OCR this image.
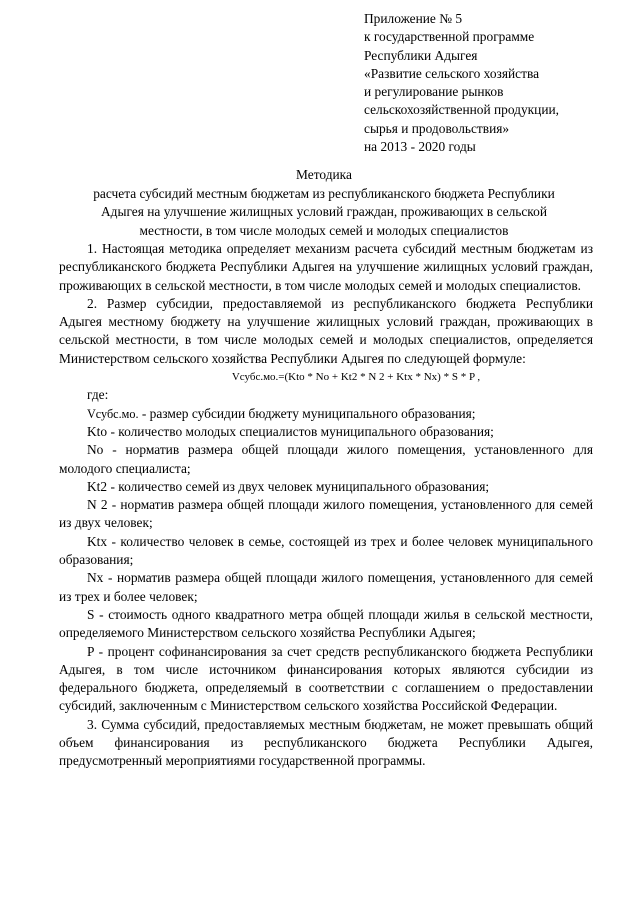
Приложение № 5
к государственной программе
Республики Адыгея
«Развитие сельского хозяйства
и регулирование рынков
сельскохозяйственной продукции,
сырья и продовольствия»
на 2013 - 2020 годы
Методика
расчета субсидий местным бюджетам из республиканского бюджета Республики
Адыгея на улучшение жилищных условий граждан, проживающих в сельской
местности, в том числе молодых семей и молодых специалистов

1. Настоящая методика определяет механизм расчета субсидий местным бюджетам из республиканского бюджета Республики Адыгея на улучшение жилищных условий граждан, проживающих в сельской местности, в том числе молодых семей и молодых специалистов.

2. Размер субсидии, предоставляемой из республиканского бюджета Республики Адыгея местному бюджету на улучшение жилищных условий граждан, проживающих в сельской местности, в том числе молодых семей и молодых специалистов, определяется Министерством сельского хозяйства Республики Адыгея по следующей формуле:

Vсубс.мо.=(Kto * No + Kt2 * N 2 + Ktx * Nx) * S * P ,

где:

Vсубс.мо. - размер субсидии бюджету муниципального образования;

Kto - количество молодых специалистов муниципального образования;

No - норматив размера общей площади жилого помещения, установленного для молодого специалиста;

Kt2 - количество семей из двух человек муниципального образования;

N 2 - норматив размера общей площади жилого помещения, установленного для семей из двух человек;

Ktx - количество человек в семье, состоящей из трех и более человек муниципального образования;

Nx - норматив размера общей площади жилого помещения, установленного для семей из трех и более человек;

S - стоимость одного квадратного метра общей площади жилья в сельской местности, определяемого Министерством сельского хозяйства Республики Адыгея;

P - процент софинансирования за счет средств республиканского бюджета Республики Адыгея, в том числе источником финансирования которых являются субсидии из федерального бюджета, определяемый в соответствии с соглашением о предоставлении субсидий, заключенным с Министерством сельского хозяйства Российской Федерации.

3. Сумма субсидий, предоставляемых местным бюджетам, не может превышать общий объем финансирования из республиканского бюджета Республики Адыгея, предусмотренный мероприятиями государственной программы.
